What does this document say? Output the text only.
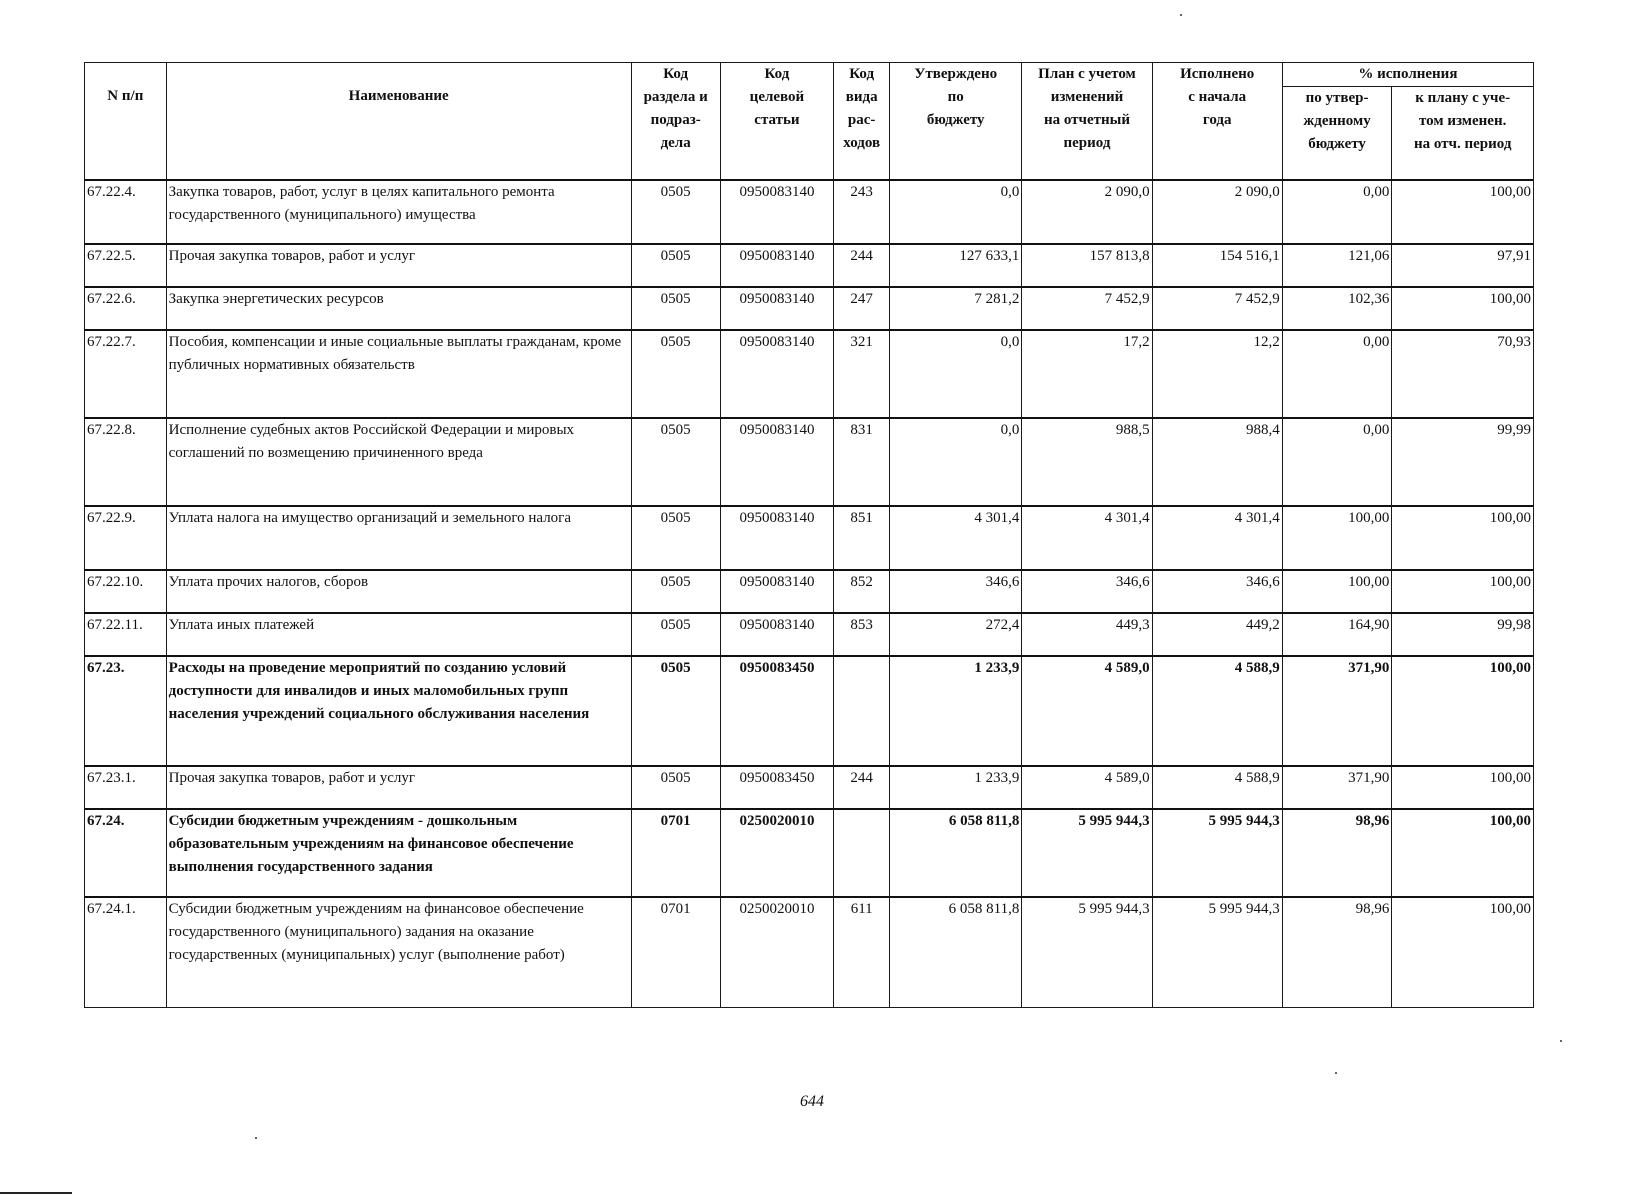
N п/п	Наименование	Код
раздела и
подраз-
дела	Код
целевой
статьи	Код
вида
рас-
ходов	Утверждено
по
бюджету	План с учетом
изменений
на отчетный
период	Исполнено
с начала
года	% исполнения	
								по утвер-
жденному
бюджету	к плану с уче-
том изменен.
на отч. период
67.22.4.	Закупка товаров, работ, услуг в целях капитального ремонта государственного (муниципального) имущества	0505	0950083140	243	0,0	2 090,0	2 090,0	0,00	100,00
67.22.5.	Прочая закупка товаров, работ и услуг	0505	0950083140	244	127 633,1	157 813,8	154 516,1	121,06	97,91
67.22.6.	Закупка энергетических ресурсов	0505	0950083140	247	7 281,2	7 452,9	7 452,9	102,36	100,00
67.22.7.	Пособия, компенсации и иные социальные выплаты гражданам, кроме публичных нормативных обязательств	0505	0950083140	321	0,0	17,2	12,2	0,00	70,93
67.22.8.	Исполнение судебных актов Российской Федерации и мировых соглашений по возмещению причиненного вреда	0505	0950083140	831	0,0	988,5	988,4	0,00	99,99
67.22.9.	Уплата налога на имущество организаций и земельного налога	0505	0950083140	851	4 301,4	4 301,4	4 301,4	100,00	100,00
67.22.10.	Уплата прочих налогов, сборов	0505	0950083140	852	346,6	346,6	346,6	100,00	100,00
67.22.11.	Уплата иных платежей	0505	0950083140	853	272,4	449,3	449,2	164,90	99,98
67.23.	Расходы на проведение мероприятий по созданию условий доступности для инвалидов и иных маломобильных групп населения учреждений социального обслуживания населения	0505	0950083450		1 233,9	4 589,0	4 588,9	371,90	100,00
67.23.1.	Прочая закупка товаров, работ и услуг	0505	0950083450	244	1 233,9	4 589,0	4 588,9	371,90	100,00
67.24.	Субсидии бюджетным учреждениям - дошкольным образовательным учреждениям на финансовое обеспечение выполнения государственного задания	0701	0250020010		6 058 811,8	5 995 944,3	5 995 944,3	98,96	100,00
67.24.1.	Субсидии бюджетным учреждениям на финансовое обеспечение государственного (муниципального) задания на оказание государственных (муниципальных) услуг (выполнение работ)	0701	0250020010	611	6 058 811,8	5 995 944,3	5 995 944,3	98,96	100,00
644
